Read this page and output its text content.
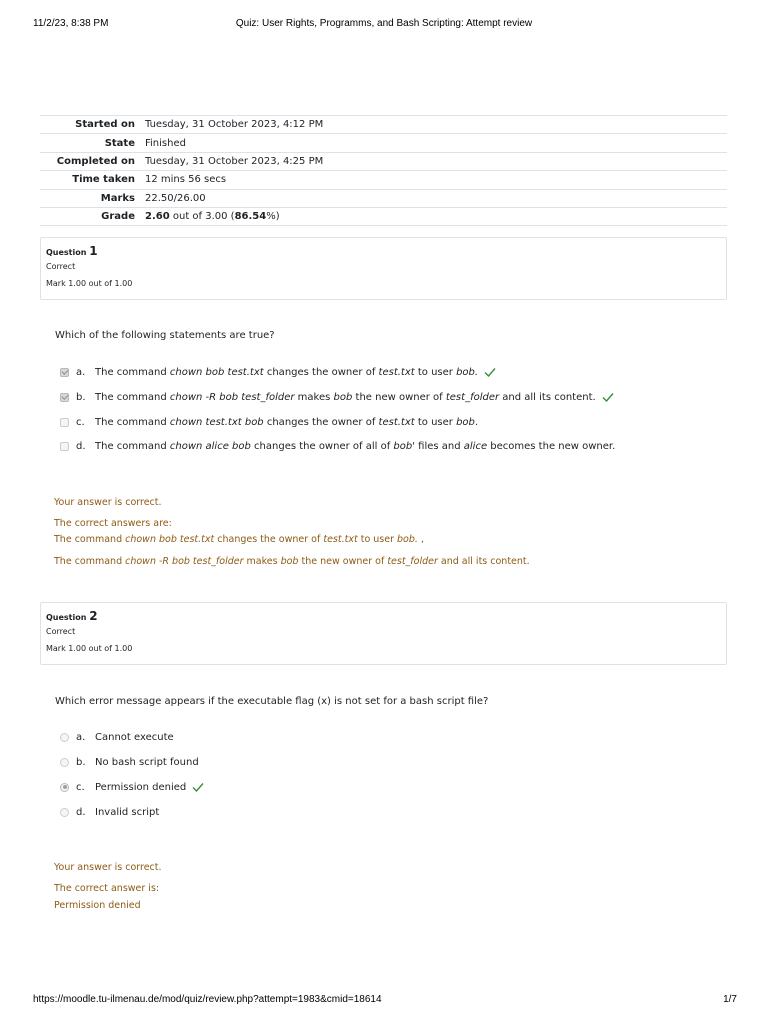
11/2/23, 8:38 PM	Quiz: User Rights, Programms, and Bash Scripting: Attempt review
Started on	Tuesday, 31 October 2023, 4:12 PM
State	Finished
Completed on	Tuesday, 31 October 2023, 4:25 PM
Time taken	12 mins 56 secs
Marks	22.50/26.00
Grade	2.60 out of 3.00 (86.54%)
Question 1
Correct
Mark 1.00 out of 1.00
Which of the following statements are true?
a. The command chown bob test.txt changes the owner of test.txt to user bob.
b. The command chown -R bob test_folder makes bob the new owner of test_folder and all its content.
c.	The command chown test.txt bob changes the owner of test.txt to user bob.
d. The command chown alice bob changes the owner of all of bob' files and alice becomes the new owner.
Your answer is correct.
The correct answers are:
The command chown bob test.txt changes the owner of test.txt to user bob. ,
The command chown -R bob test_folder makes bob the new owner of test_folder and all its content.
Question 2
Correct
Mark 1.00 out of 1.00
Which error message appears if the executable flag (x) is not set for a bash script file?
a. Cannot execute
b. No bash script found
c.	Permission denied
d. Invalid script
Your answer is correct.
The correct answer is:
Permission denied
https://moodle.tu-ilmenau.de/mod/quiz/review.php?attempt=1983&cmid=18614	1/7
